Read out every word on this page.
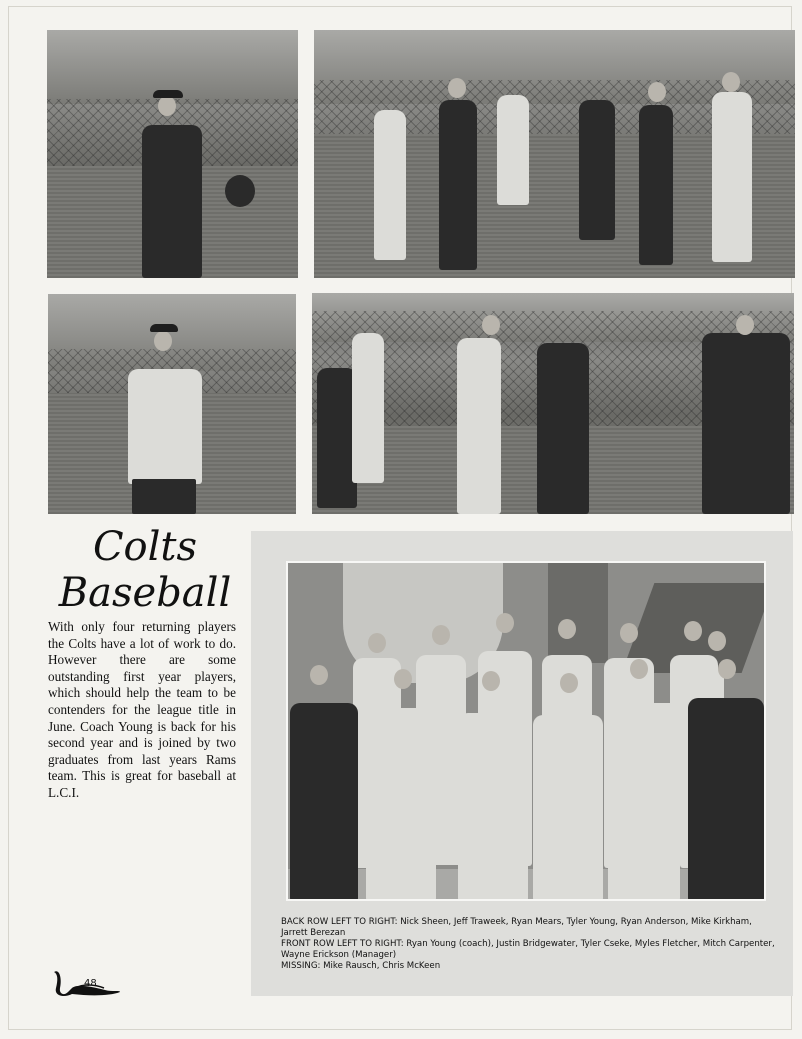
Colts

Baseball

With only four returning players the Colts have a lot of work to do. However there are some outstanding first year players, which should help the team to be contenders for the league title in June. Coach Young is back for his second year and is joined by two graduates from last years Rams team. This is great for baseball at L.C.I.

BACK ROW LEFT TO RIGHT: Nick Sheen, Jeff Traweek, Ryan Mears, Tyler Young, Ryan Anderson, Mike Kirkham, Jarrett Berezan
FRONT ROW LEFT TO RIGHT: Ryan Young (coach), Justin Bridgewater, Tyler Cseke, Myles Fletcher, Mitch Carpenter, Wayne Erickson (Manager)
MISSING: Mike Rausch, Chris McKeen
48
